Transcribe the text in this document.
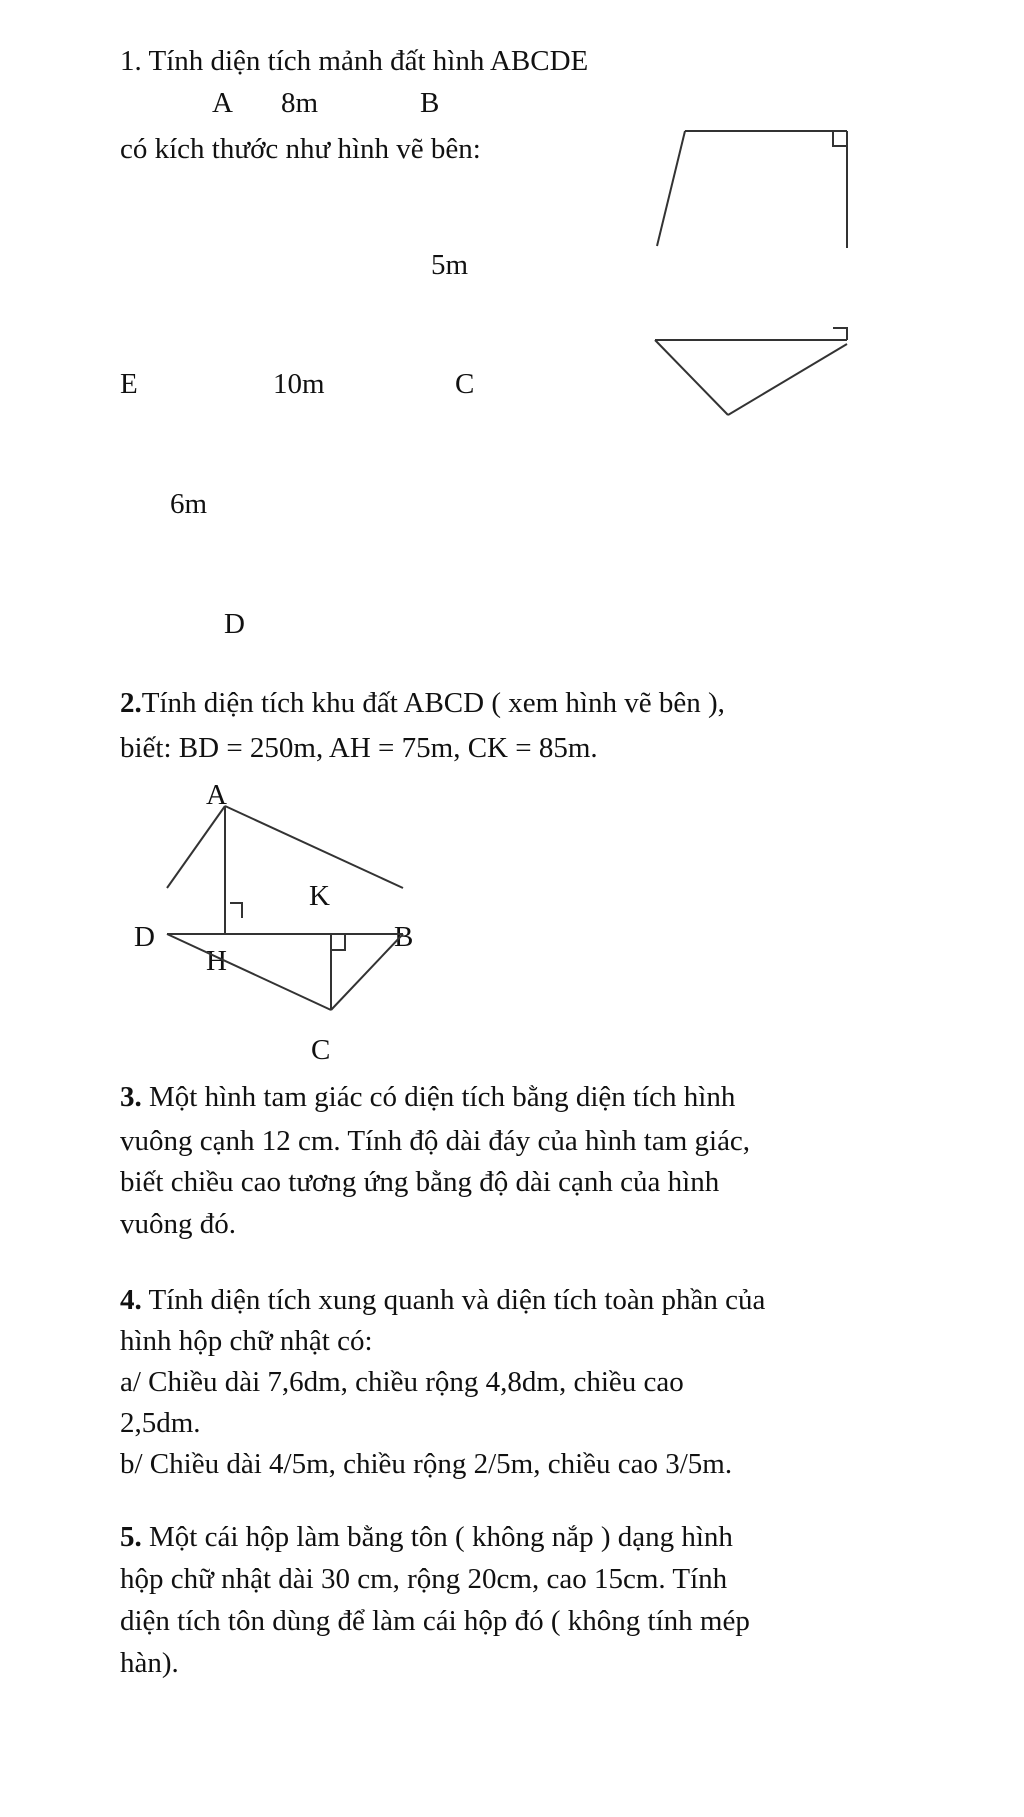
1. Tính diện tích mảnh đất hình ABCDE
A 8m	B
có kích thước như hình vẽ bên:
5m
E	10m	C
6m
D
2.Tính diện tích khu đất ABCD ( xem hình vẽ bên ),
biết: BD = 250m, AH = 75m, CK = 85m.
A
K
D	B
H
C
3. Một hình tam giác có diện tích bằng diện tích hình
vuông cạnh 12 cm. Tính độ dài đáy của hình tam giác,
biết chiều cao tương ứng bằng độ dài cạnh của hình
vuông đó.
4. Tính diện tích xung quanh và diện tích toàn phần của
hình hộp chữ nhật có:
a/ Chiều dài 7,6dm, chiều rộng 4,8dm, chiều cao
2,5dm.
b/ Chiều dài 4/5m, chiều rộng 2/5m, chiều cao 3/5m.
5. Một cái hộp làm bằng tôn ( không nắp ) dạng hình
hộp chữ nhật dài 30 cm, rộng 20cm, cao 15cm. Tính
diện tích tôn dùng để làm cái hộp đó ( không tính mép
hàn).
